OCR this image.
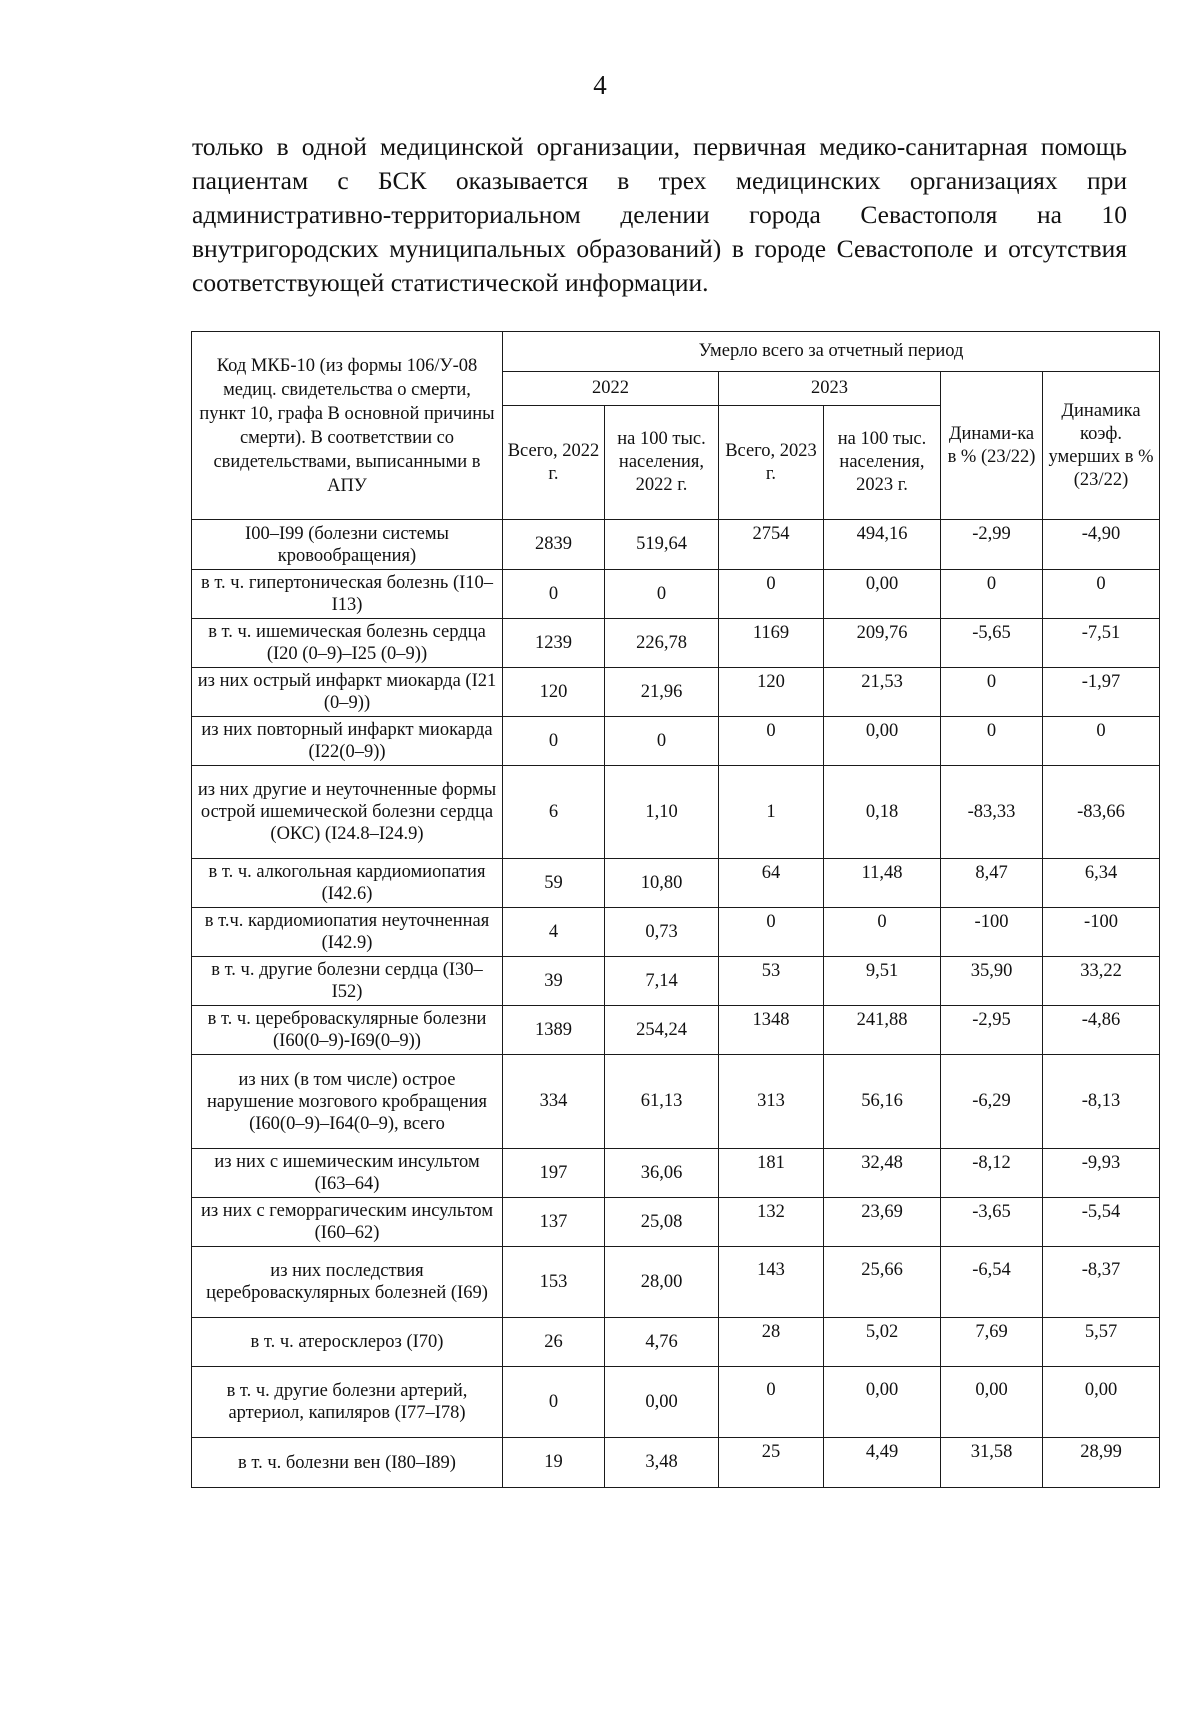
4

только в одной медицинской организации, первичная медико-санитарная помощь пациентам с БСК оказывается в трех медицинских организациях при административно-территориальном делении города Севастополя на 10 внутригородских муниципальных образований) в городе Севастополе и отсутствия соответствующей статистической информации.

Код МКБ-10 (из формы 106/У-08 медиц. свидетельства о смерти, пункт 10, графа В основной причины смерти). В соответствии со свидетельствами, выписанными в АПУ	Умерло всего за отчетный период					
	2022		2023		Динами-ка в % (23/22)	Динамика коэф. умерших в % (23/22)
	Всего, 2022 г.	на 100 тыс. населения, 2022 г.	Всего, 2023 г.	на 100 тыс. населения, 2023 г.		
I00–I99 (болезни системы кровообращения)	2839	519,64	2754	494,16	-2,99	-4,90
в т. ч. гипертоническая болезнь (I10–I13)	0	0	0	0,00	0	0
в т. ч. ишемическая болезнь сердца (I20 (0–9)–I25 (0–9))	1239	226,78	1169	209,76	-5,65	-7,51
из них острый инфаркт миокарда (I21 (0–9))	120	21,96	120	21,53	0	-1,97
из них повторный инфаркт миокарда (I22(0–9))	0	0	0	0,00	0	0
из них другие и неуточненные формы острой ишемической болезни сердца (ОКС) (I24.8–I24.9)	6	1,10	1	0,18	-83,33	-83,66
в т. ч. алкогольная кардиомиопатия (I42.6)	59	10,80	64	11,48	8,47	6,34
в т.ч. кардиомиопатия неуточненная (I42.9)	4	0,73	0	0	-100	-100
в т. ч. другие болезни сердца (I30–I52)	39	7,14	53	9,51	35,90	33,22
в т. ч. цереброваскулярные болезни (I60(0–9)-I69(0–9))	1389	254,24	1348	241,88	-2,95	-4,86
из них (в том числе) острое нарушение мозгового кробращения (I60(0–9)–I64(0–9), всего	334	61,13	313	56,16	-6,29	-8,13
из них с ишемическим инсультом (I63–64)	197	36,06	181	32,48	-8,12	-9,93
из них с геморрагическим инсультом (I60–62)	137	25,08	132	23,69	-3,65	-5,54
из них последствия цереброваскулярных болезней (I69)	153	28,00	143	25,66	-6,54	-8,37
в т. ч. атеросклероз (I70)	26	4,76	28	5,02	7,69	5,57
в т. ч. другие болезни артерий, артериол, капиляров (I77–I78)	0	0,00	0	0,00	0,00	0,00
в т. ч. болезни вен (I80–I89)	19	3,48	25	4,49	31,58	28,99
